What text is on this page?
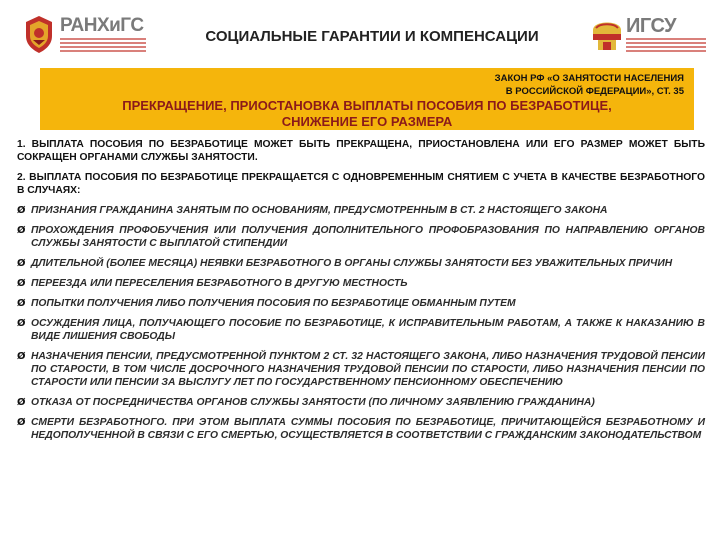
РАНХиГС
СОЦИАЛЬНЫЕ ГАРАНТИИ И КОМПЕНСАЦИИ	ИГСУ
ЗАКОН РФ «О ЗАНЯТОСТИ НАСЕЛЕНИЯ
В РОССИЙСКОЙ ФЕДЕРАЦИИ», СТ. 35
ПРЕКРАЩЕНИЕ, ПРИОСТАНОВКА ВЫПЛАТЫ ПОСОБИЯ ПО БЕЗРАБОТИЦЕ,
СНИЖЕНИЕ ЕГО РАЗМЕРА
1. ВЫПЛАТА ПОСОБИЯ ПО БЕЗРАБОТИЦЕ МОЖЕТ БЫТЬ ПРЕКРАЩЕНА, ПРИОСТАНОВЛЕНА ИЛИ ЕГО РАЗМЕР МОЖЕТ БЫТЬ СОКРАЩЕН ОРГАНАМИ СЛУЖБЫ ЗАНЯТОСТИ.
2. ВЫПЛАТА ПОСОБИЯ ПО БЕЗРАБОТИЦЕ ПРЕКРАЩАЕТСЯ С ОДНОВРЕМЕННЫМ СНЯТИЕМ С УЧЕТА В КАЧЕСТВЕ БЕЗРАБОТНОГО В СЛУЧАЯХ:
Ø ПРИЗНАНИЯ ГРАЖДАНИНА ЗАНЯТЫМ ПО ОСНОВАНИЯМ, ПРЕДУСМОТРЕННЫМ В СТ. 2 НАСТОЯЩЕГО ЗАКОНА
Ø ПРОХОЖДЕНИЯ ПРОФОБУЧЕНИЯ ИЛИ ПОЛУЧЕНИЯ ДОПОЛНИТЕЛЬНОГО ПРОФОБРАЗОВАНИЯ ПО НАПРАВЛЕНИЮ ОРГАНОВ СЛУЖБЫ ЗАНЯТОСТИ С ВЫПЛАТОЙ СТИПЕНДИИ
Ø ДЛИТЕЛЬНОЙ (БОЛЕЕ МЕСЯЦА) НЕЯВКИ БЕЗРАБОТНОГО В ОРГАНЫ СЛУЖБЫ ЗАНЯТОСТИ БЕЗ УВАЖИТЕЛЬНЫХ ПРИЧИН
Ø ПЕРЕЕЗДА ИЛИ ПЕРЕСЕЛЕНИЯ БЕЗРАБОТНОГО В ДРУГУЮ МЕСТНОСТЬ
Ø ПОПЫТКИ ПОЛУЧЕНИЯ ЛИБО ПОЛУЧЕНИЯ ПОСОБИЯ ПО БЕЗРАБОТИЦЕ ОБМАННЫМ ПУТЕМ
Ø ОСУЖДЕНИЯ ЛИЦА, ПОЛУЧАЮЩЕГО ПОСОБИЕ ПО БЕЗРАБОТИЦЕ, К ИСПРАВИТЕЛЬНЫМ РАБОТАМ, А ТАКЖЕ К НАКАЗАНИЮ В ВИДЕ ЛИШЕНИЯ СВОБОДЫ
Ø НАЗНАЧЕНИЯ ПЕНСИИ, ПРЕДУСМОТРЕННОЙ ПУНКТОМ 2 СТ. 32 НАСТОЯЩЕГО ЗАКОНА, ЛИБО НАЗНАЧЕНИЯ ТРУДОВОЙ ПЕНСИИ ПО СТАРОСТИ, В ТОМ ЧИСЛЕ ДОСРОЧНОГО НАЗНАЧЕНИЯ ТРУДОВОЙ ПЕНСИИ ПО СТАРОСТИ, ЛИБО НАЗНАЧЕНИЯ ПЕНСИИ ПО СТАРОСТИ ИЛИ ПЕНСИИ ЗА ВЫСЛУГУ ЛЕТ ПО ГОСУДАРСТВЕННОМУ ПЕНСИОННОМУ ОБЕСПЕЧЕНИЮ
Ø ОТКАЗА ОТ ПОСРЕДНИЧЕСТВА ОРГАНОВ СЛУЖБЫ ЗАНЯТОСТИ (ПО ЛИЧНОМУ ЗАЯВЛЕНИЮ ГРАЖДАНИНА)
Ø СМЕРТИ БЕЗРАБОТНОГО. ПРИ ЭТОМ ВЫПЛАТА СУММЫ ПОСОБИЯ ПО БЕЗРАБОТИЦЕ, ПРИЧИТАЮЩЕЙСЯ БЕЗРАБОТНОМУ И НЕДОПОЛУЧЕННОЙ В СВЯЗИ С ЕГО СМЕРТЬЮ, ОСУЩЕСТВЛЯЕТСЯ В СООТВЕТСТВИИ С ГРАЖДАНСКИМ ЗАКОНОДАТЕЛЬСТВОМ
